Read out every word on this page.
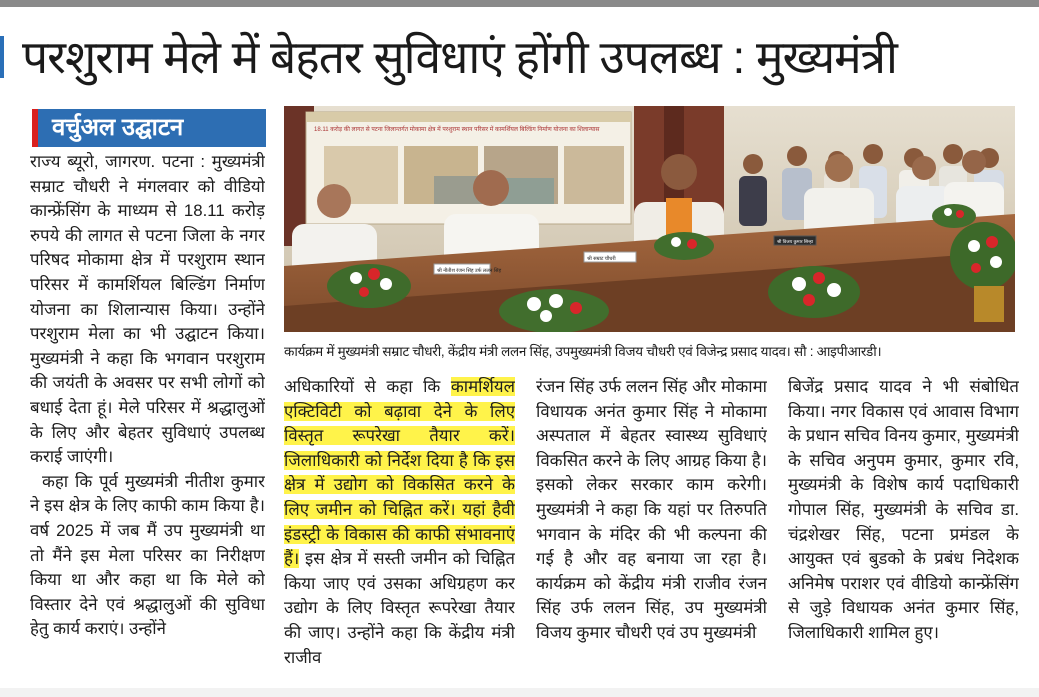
परशुराम मेले में बेहतर सुविधाएं होंगी उपलब्ध : मुख्यमंत्री
वर्चुअल उद्घाटन	18.11 करोड़ की लागत से पटना जिलान्तर्गत मोकामा क्षेत्र में परशुराम स्थान परिसर में कामर्शियल बिल्डिंग निर्माण योजना का शिलान्यास
श्री नीतीश रंजन सिंह उर्फ ललन सिंह
श्री सम्राट चौधरी
श्री विजय कुमार सिन्हा
कार्यक्रम में मुख्यमंत्री सम्राट चौधरी, केंद्रीय मंत्री ललन सिंह, उपमुख्यमंत्री विजय चौधरी एवं विजेन्द्र प्रसाद यादव। सौ : आइपीआरडी।

राज्य ब्यूरो, जागरण. पटना : मुख्यमंत्री सम्राट चौधरी ने मंगलवार को वीडियो कान्फ्रेंसिंग के माध्यम से 18.11 करोड़ रुपये की लागत से पटना जिला के नगर परिषद मोकामा क्षेत्र में परशुराम स्थान परिसर में कामर्शियल बिल्डिंग निर्माण योजना का शिलान्यास किया। उन्होंने परशुराम मेला का भी उद्घाटन किया। मुख्यमंत्री ने कहा कि भगवान परशुराम की जयंती के अवसर पर सभी लोगों को बधाई देता हूं। मेले परिसर में श्रद्धालुओं के लिए और बेहतर सुविधाएं उपलब्ध कराई जाएंगी।

कहा कि पूर्व मुख्यमंत्री नीतीश कुमार ने इस क्षेत्र के लिए काफी काम किया है। वर्ष 2025 में जब मैं उप मुख्यमंत्री था तो मैंने इस मेला परिसर का निरीक्षण किया था और कहा था कि मेले को विस्तार देने एवं श्रद्धालुओं की सुविधा हेतु कार्य कराएं। उन्होंने

अधिकारियों से कहा कि कामर्शियल एक्टिविटी को बढ़ावा देने के लिए विस्तृत रूपरेखा तैयार करें। जिलाधिकारी को निर्देश दिया है कि इस क्षेत्र में उद्योग को विकसित करने के लिए जमीन को चिह्नित करें। यहां हैवी इंडस्ट्री के विकास की काफी संभावनाएं हैं। इस क्षेत्र में सस्ती जमीन को चिह्नित किया जाए एवं उसका अधिग्रहण कर उद्योग के लिए विस्तृत रूपरेखा तैयार की जाए। उन्होंने कहा कि केंद्रीय मंत्री राजीव

रंजन सिंह उर्फ ललन सिंह और मोकामा विधायक अनंत कुमार सिंह ने मोकामा अस्पताल में बेहतर स्वास्थ्य सुविधाएं विकसित करने के लिए आग्रह किया है। इसको लेकर सरकार काम करेगी। मुख्यमंत्री ने कहा कि यहां पर तिरुपति भगवान के मंदिर की भी कल्पना की गई है और वह बनाया जा रहा है। कार्यक्रम को केंद्रीय मंत्री राजीव रंजन सिंह उर्फ ललन सिंह, उप मुख्यमंत्री विजय कुमार चौधरी एवं उप मुख्यमंत्री

बिजेंद्र प्रसाद यादव ने भी संबोधित किया। नगर विकास एवं आवास विभाग के प्रधान सचिव विनय कुमार, मुख्यमंत्री के सचिव अनुपम कुमार, कुमार रवि, मुख्यमंत्री के विशेष कार्य पदाधिकारी गोपाल सिंह, मुख्यमंत्री के सचिव डा. चंद्रशेखर सिंह, पटना प्रमंडल के आयुक्त एवं बुडको के प्रबंध निदेशक अनिमेष पराशर एवं वीडियो कान्फ्रेंसिंग से जुड़े विधायक अनंत कुमार सिंह, जिलाधिकारी शामिल हुए।
